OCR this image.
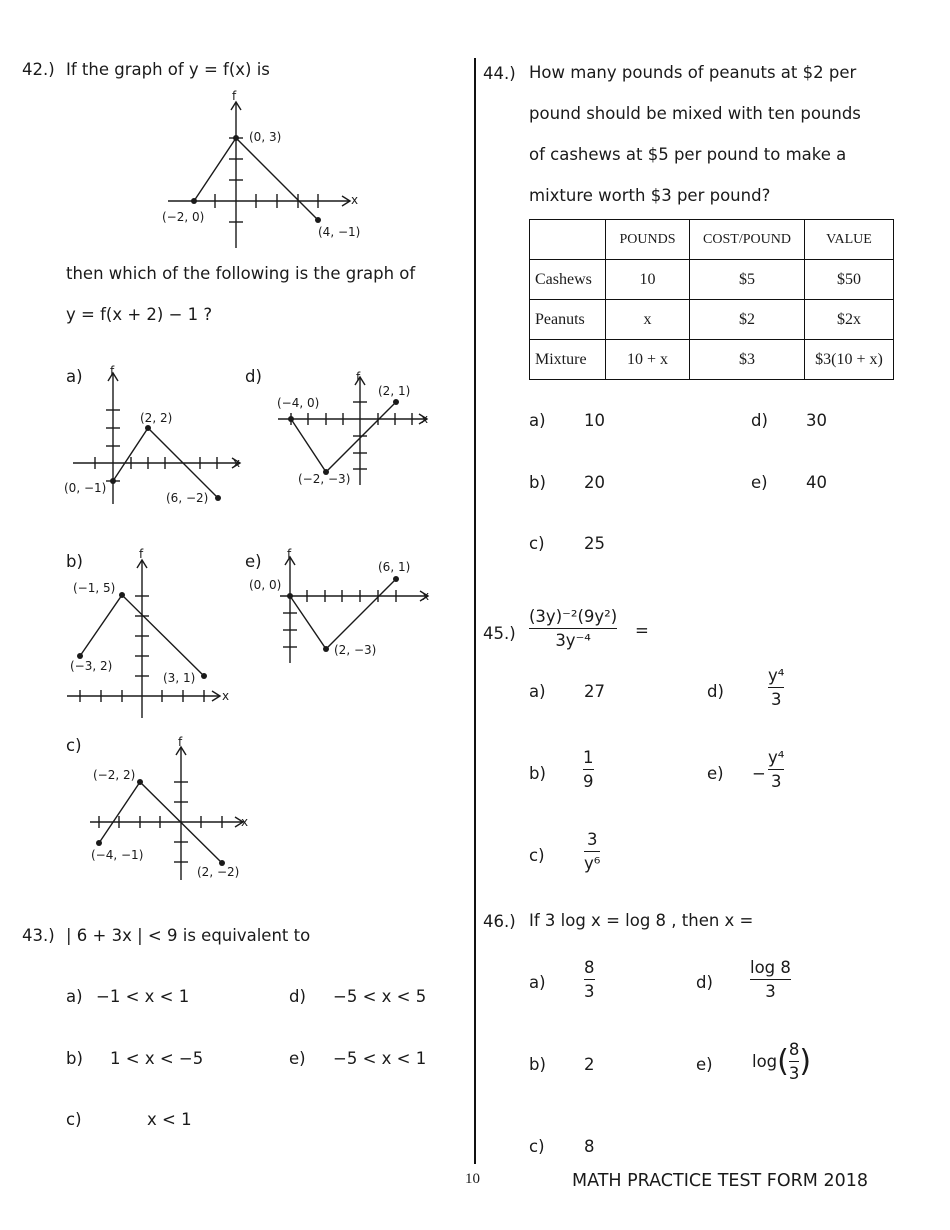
42.) If the graph of y = f(x) is
f
x
(−2, 0)
(0, 3)
(4, −1)
then which of the following is the graph of
y = f(x + 2) − 1 ?
a) f
x
(0, −1)
(2, 2)
(6, −2)
b)	f
x
(−3, 2)
(−1, 5)
(3, 1)
c)	f
x
(−4, −1)
(−2, 2)
(2, −2)
d)	f
x
(−4, 0)
(−2, −3)
(2, 1)
e) f
x
(0, 0)
(2, −3)
(6, 1)
43.) | 6 + 3x | < 9 is equivalent to
a) −1 < x < 1
b) 1 < x < −5
c)	x < 1
d) −5 < x < 5
e) −5 < x < 1
44.) How many pounds of peanuts at $2 per
pound should be mixed with ten pounds
of cashews at $5 per pound to make a
mixture worth $3 per pound?
	POUNDS	COST/POUND	VALUE
Cashews	10	$5	$50
Peanuts	x	$2	$2x
Mixture	10 + x	$3	$3(10 + x)
a) 10
b) 20
c) 25
d) 30
e) 40
45.)
(3y)⁻²(9y²)
3y⁻⁴
=
a) 27
b)
1
9
c)
3
y⁶
d)
y⁴
3
e) −
y⁴
3
46.) If 3 log x = log 8 , then x =
a)
8
3
b) 2
c) 8
d)
log 8
3
e) log ( 8
3 )
10	MATH PRACTICE TEST FORM 2018
